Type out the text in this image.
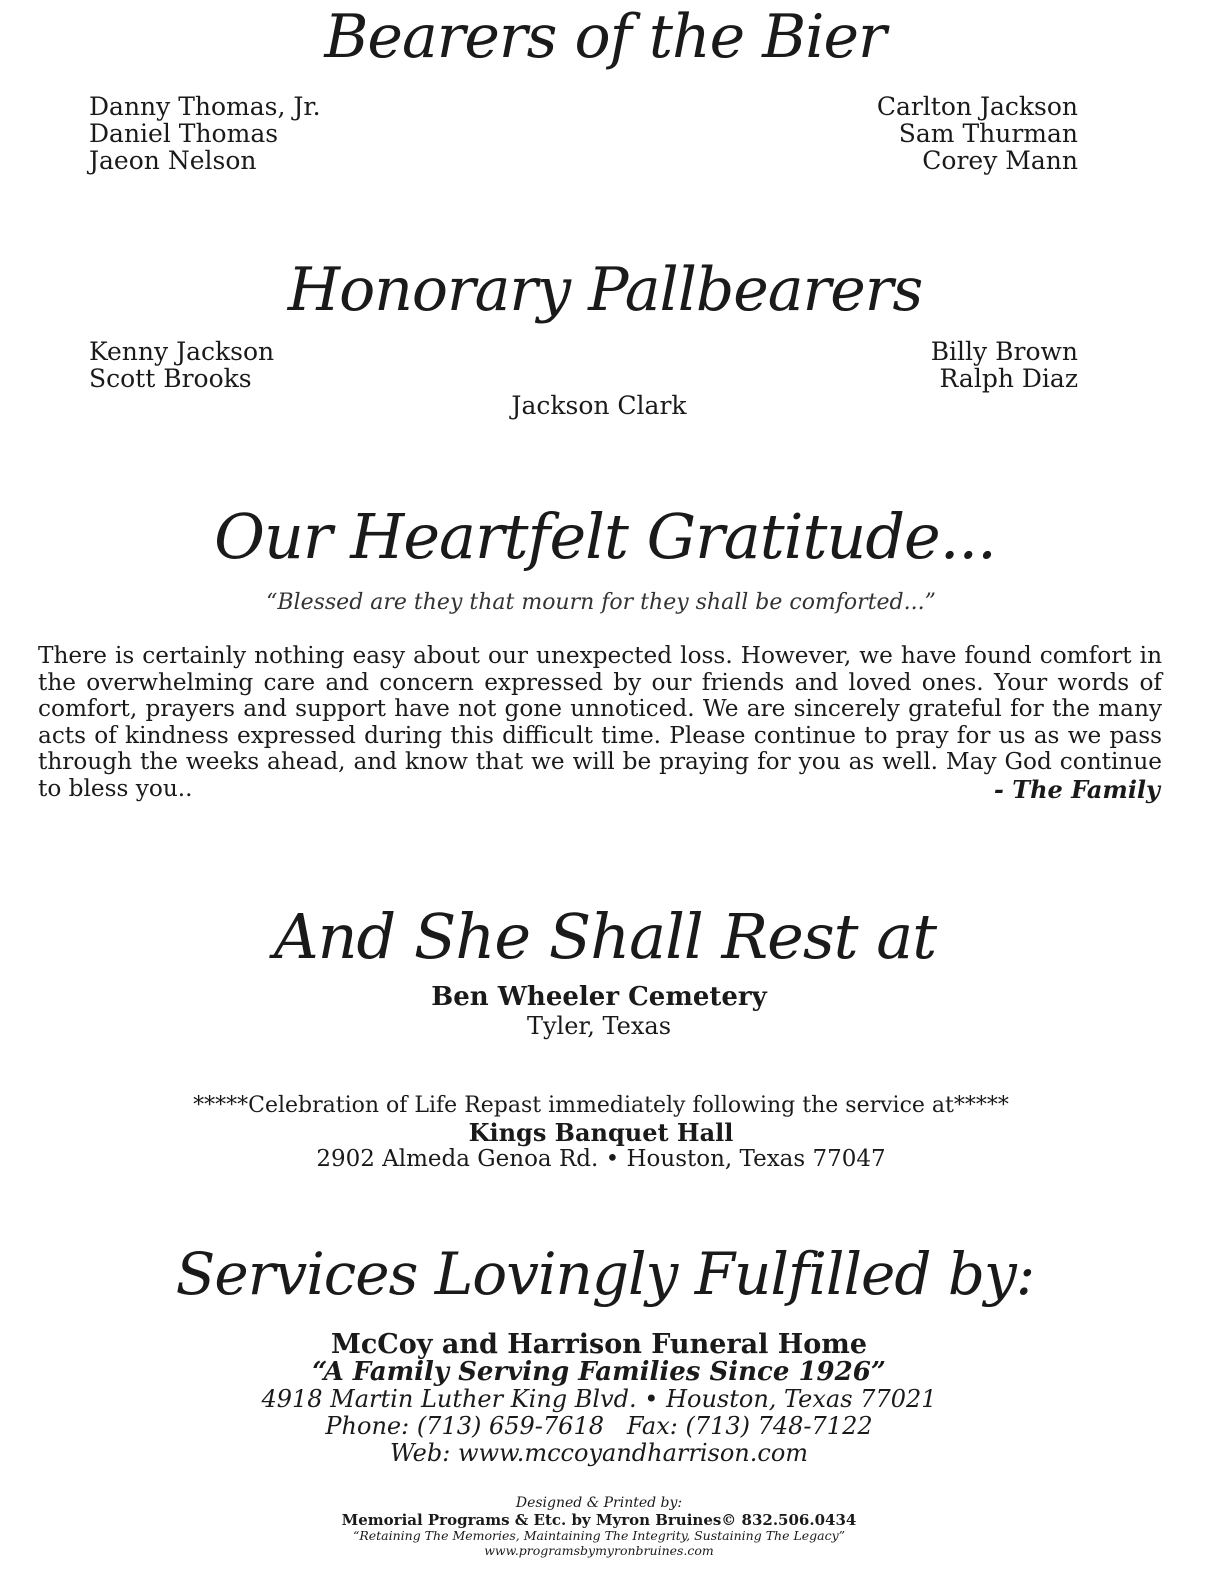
Bearers of the Bier
Danny Thomas, Jr.
Daniel Thomas
Jaeon Nelson
Carlton Jackson
Sam Thurman
Corey Mann
Honorary Pallbearers
Kenny Jackson
Scott Brooks
Billy Brown
Ralph Diaz
Jackson Clark
Our Heartfelt Gratitude...
“Blessed are they that mourn for they shall be comforted...”

There is certainly nothing easy about our unexpected loss. However, we have found comfort in the overwhelming care and concern expressed by our friends and loved ones. Your words of comfort, prayers and support have not gone unnoticed. We are sincerely grateful for the many acts of kindness expressed during this difficult time. Please continue to pray for us as we pass through the weeks ahead, and know that we will be praying for you as well. May God continue to bless you..	- The Family
And She Shall Rest at
Ben Wheeler Cemetery
Tyler, Texas
*****Celebration of Life Repast immediately following the service at*****
Kings Banquet Hall
2902 Almeda Genoa Rd. • Houston, Texas 77047
Services Lovingly Fulfilled by:
McCoy and Harrison Funeral Home
“A Family Serving Families Since 1926”
4918 Martin Luther King Blvd. • Houston, Texas 77021
Phone: (713) 659-7618   Fax: (713) 748-7122
Web: www.mccoyandharrison.com
Designed & Printed by:
Memorial Programs & Etc. by Myron Bruines© 832.506.0434
“Retaining The Memories, Maintaining The Integrity, Sustaining The Legacy”
www.programsbymyronbruines.com
